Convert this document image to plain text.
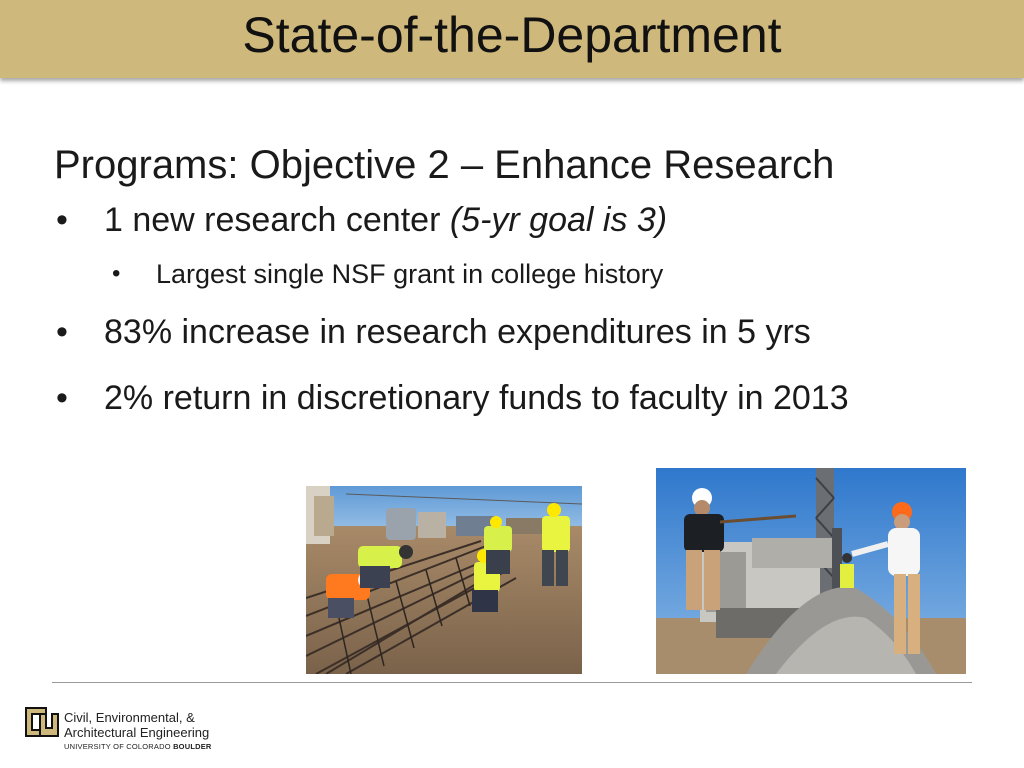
State-of-the-Department
Programs: Objective 2 – Enhance Research
• 1 new research center (5-yr goal is 3)
• Largest single NSF grant in college history
• 83% increase in research expenditures in 5 yrs
• 2% return in discretionary funds to faculty in 2013
Civil, Environmental, &
Architectural Engineering
UNIVERSITY OF COLORADO BOULDER
